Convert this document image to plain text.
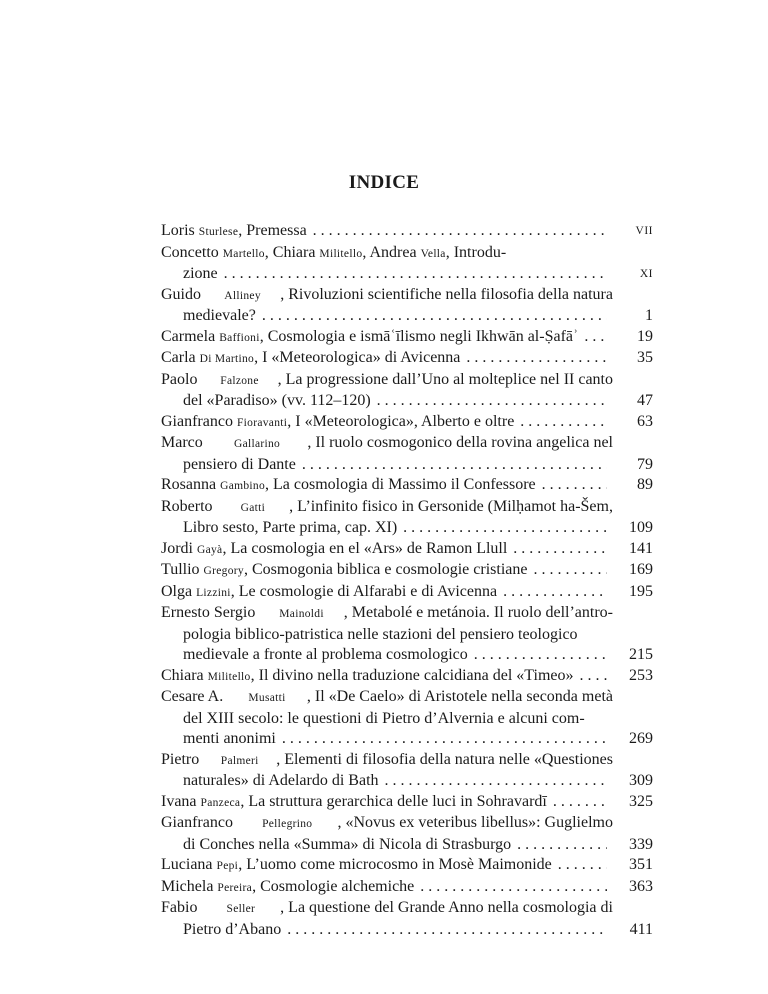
INDICE
Loris Sturlese , Premessa
. . .
Concetto Martello , Chiara Militello , Andrea Vella , Introdu-
zione
. . .
Guido Alliney , Rivoluzioni scientifiche nella filosofia della natura
medievale?
. . .
Carmela Baffioni , Cosmologia e ismāʿīlismo negli Ikhwān al-Ṣafāʾ
. . .
Carla Di Martino , I «Meteorologica» di Avicenna
. . .
Paolo Falzone , La progressione dall’Uno al molteplice nel II canto
del «Paradiso» (vv. 112–120)
. . .
Gianfranco Fioravanti , I «Meteorologica», Alberto e oltre
. . .
Marco Gallarino , Il ruolo cosmogonico della rovina angelica nel
pensiero di Dante
. . .
Rosanna Gambino , La cosmologia di Massimo il Confessore
. . .
Roberto Gatti , L’infinito fisico in Gersonide (Milḥamot ha-Šem,
Libro sesto, Parte prima, cap. XI)
. . .
Jordi Gayà , La cosmologia en el «Ars» de Ramon Llull
. . .
Tullio Gregory , Cosmogonia biblica e cosmologie cristiane
. . .
Olga Lizzini , Le cosmologie di Alfarabi e di Avicenna
. . .
Ernesto Sergio Mainoldi , Metabolé e metánoia. Il ruolo dell’antro-
pologia biblico-patristica nelle stazioni del pensiero teologico
medievale a fronte al problema cosmologico
. . .
Chiara Militello , Il divino nella traduzione calcidiana del «Timeo»
. . .
Cesare A. Musatti , Il «De Caelo» di Aristotele nella seconda metà
del XIII secolo: le questioni di Pietro d’Alvernia e alcuni com-
menti anonimi
. . .
Pietro Palmeri , Elementi di filosofia della natura nelle «Questiones
naturales» di Adelardo di Bath
. . .
Ivana Panzeca , La struttura gerarchica delle luci in Sohravardī
. . .
Gianfranco Pellegrino , «Novus ex veteribus libellus»: Guglielmo
di Conches nella «Summa» di Nicola di Strasburgo
. . .
Luciana Pepi , L’uomo come microcosmo in Mosè Maimonide
. . .
Michela Pereira , Cosmologie alchemiche
. . .
Fabio Seller , La questione del Grande Anno nella cosmologia di
Pietro d’Abano
. . .
VII
XI
1
19
35
47
63
79
89
109
141
169
195
215
253
269
309
325
339
351
363
411
